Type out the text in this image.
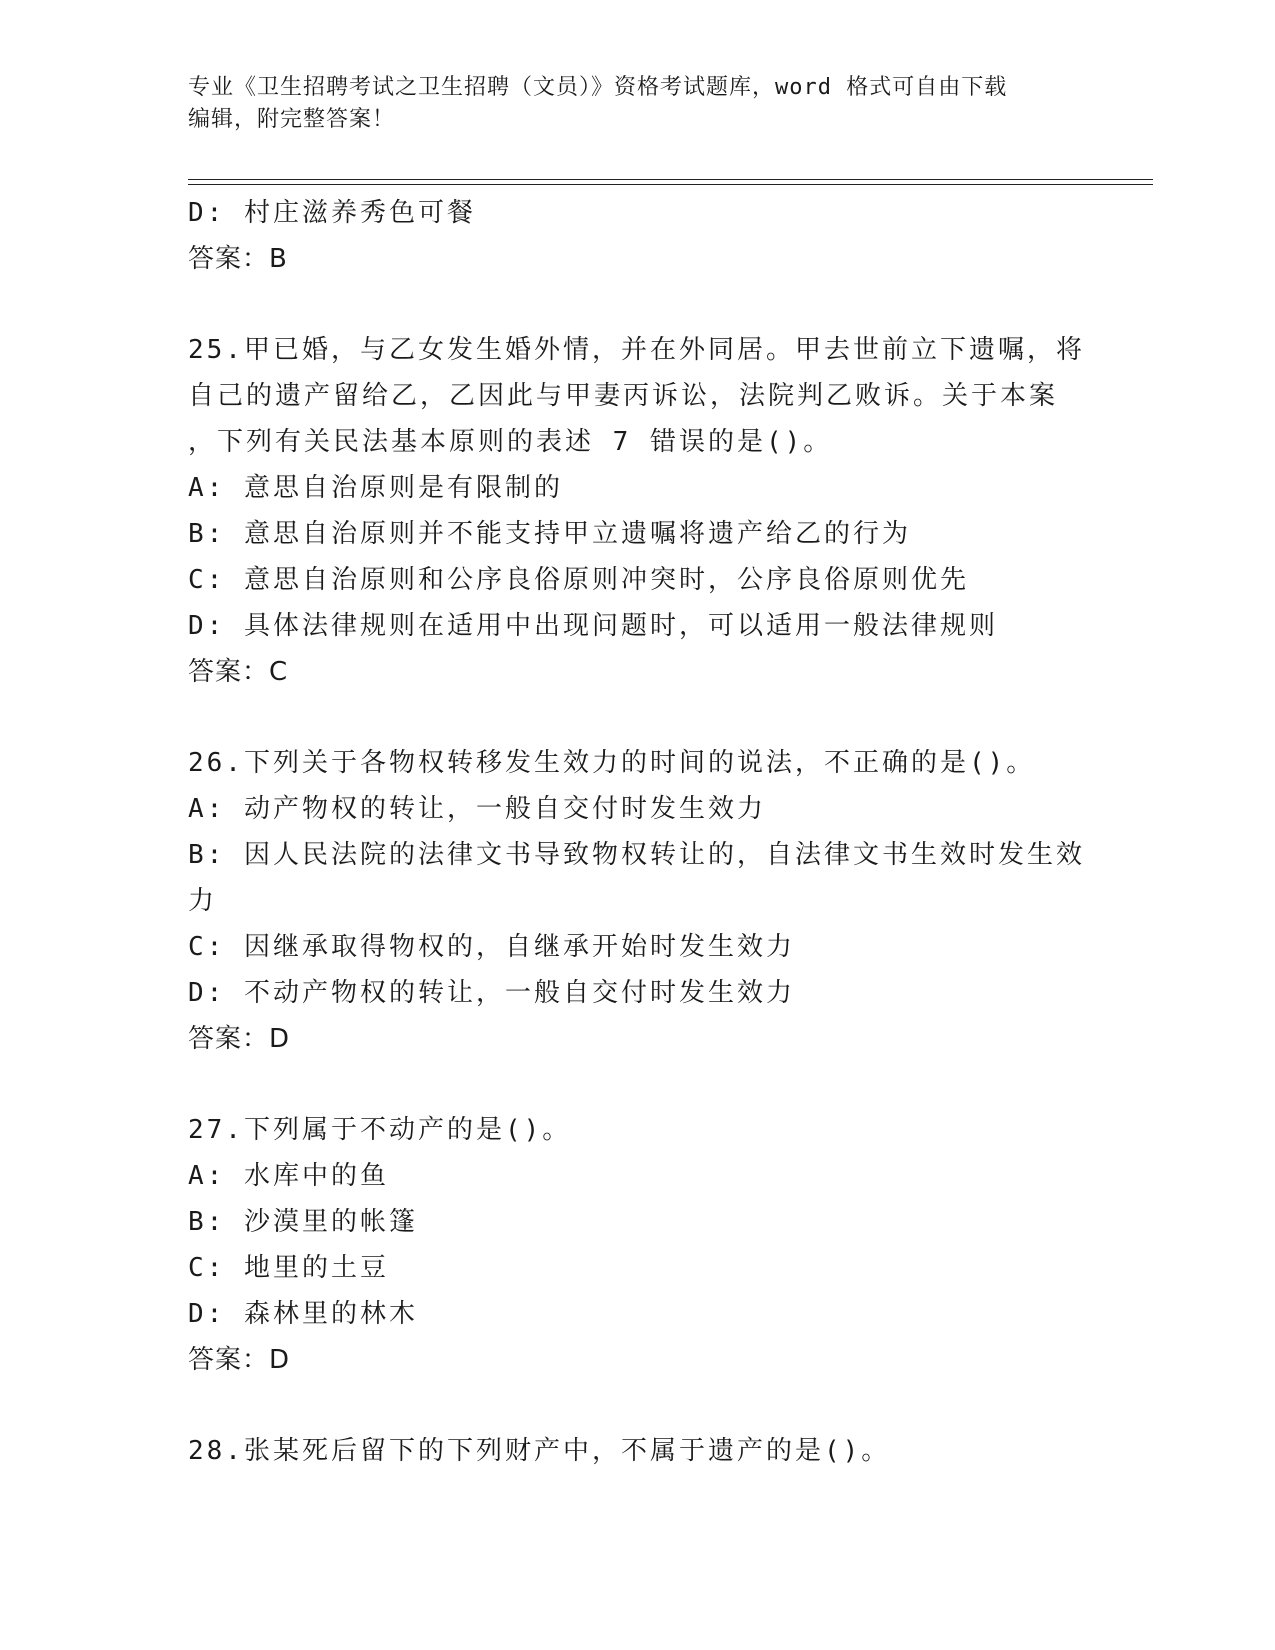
专业《卫生招聘考试之卫生招聘（文员）》资格考试题库，word 格式可自由下载
编辑，附完整答案！
D: 村庄滋养秀色可餐
答案：B
25.甲已婚，与乙女发生婚外情，并在外同居。甲去世前立下遗嘱，将
自己的遗产留给乙，乙因此与甲妻丙诉讼，法院判乙败诉。关于本案
，下列有关民法基本原则的表述 7 错误的是()。
A: 意思自治原则是有限制的
B: 意思自治原则并不能支持甲立遗嘱将遗产给乙的行为
C: 意思自治原则和公序良俗原则冲突时，公序良俗原则优先
D: 具体法律规则在适用中出现问题时，可以适用一般法律规则
答案：C
26.下列关于各物权转移发生效力的时间的说法，不正确的是()。
A: 动产物权的转让，一般自交付时发生效力
B: 因人民法院的法律文书导致物权转让的，自法律文书生效时发生效
力
C: 因继承取得物权的，自继承开始时发生效力
D: 不动产物权的转让，一般自交付时发生效力
答案：D
27.下列属于不动产的是()。
A: 水库中的鱼
B: 沙漠里的帐篷
C: 地里的土豆
D: 森林里的林木
答案：D
28.张某死后留下的下列财产中，不属于遗产的是()。
